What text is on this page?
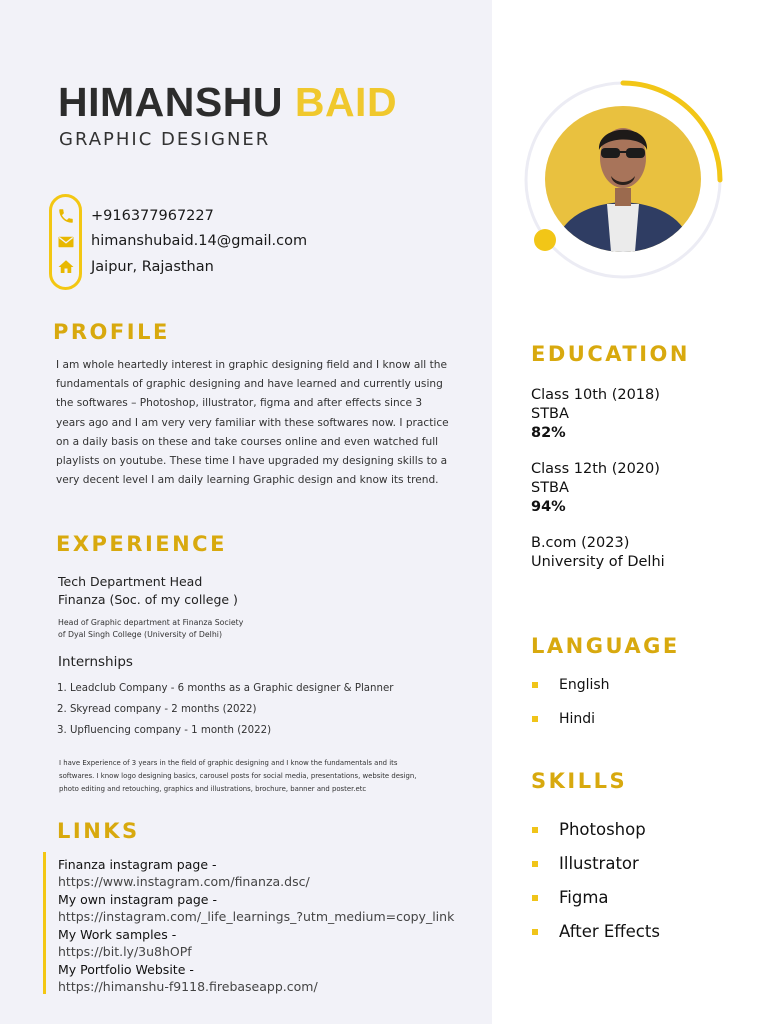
HIMANSHU BAID
GRAPHIC DESIGNER
+916377967227
himanshubaid.14@gmail.com
Jaipur, Rajasthan
PROFILE

I am whole heartedly interest in graphic designing field and I know all the fundamentals of graphic designing and have learned and currently using the softwares – Photoshop, illustrator, figma and after effects since 3 years ago and I am very very familiar with these softwares now. I practice on a daily basis on these and take courses online and even watched full playlists on youtube. These time I have upgraded my designing skills to a very decent level I am daily learning Graphic design and know its trend.

EXPERIENCE
Tech Department Head
Finanza (Soc. of my college )
Head of Graphic department at Finanza Society
of Dyal Singh College (University of Delhi)
Internships
1. Leadclub Company - 6 months as a Graphic designer & Planner
2. Skyread company - 2 months (2022)
3. Upfluencing company - 1 month (2022)

I have Experience of 3 years in the field of graphic designing and I know the fundamentals and its softwares. I know logo designing basics, carousel posts for social media, presentations, website design, photo editing and retouching, graphics and illustrations, brochure, banner and poster.etc

LINKS
Finanza instagram page -
https://www.instagram.com/finanza.dsc/
My own instagram page -
https://instagram.com/_life_learnings_?utm_medium=copy_link
My Work samples -
https://bit.ly/3u8hOPf
My Portfolio Website -
https://himanshu-f9118.firebaseapp.com/
EDUCATION
Class 10th (2018)
STBA
82%
Class 12th (2020)
STBA
94%
B.com (2023)
University of Delhi
LANGUAGE
English
Hindi
SKILLS
Photoshop
Illustrator
Figma
After Effects
